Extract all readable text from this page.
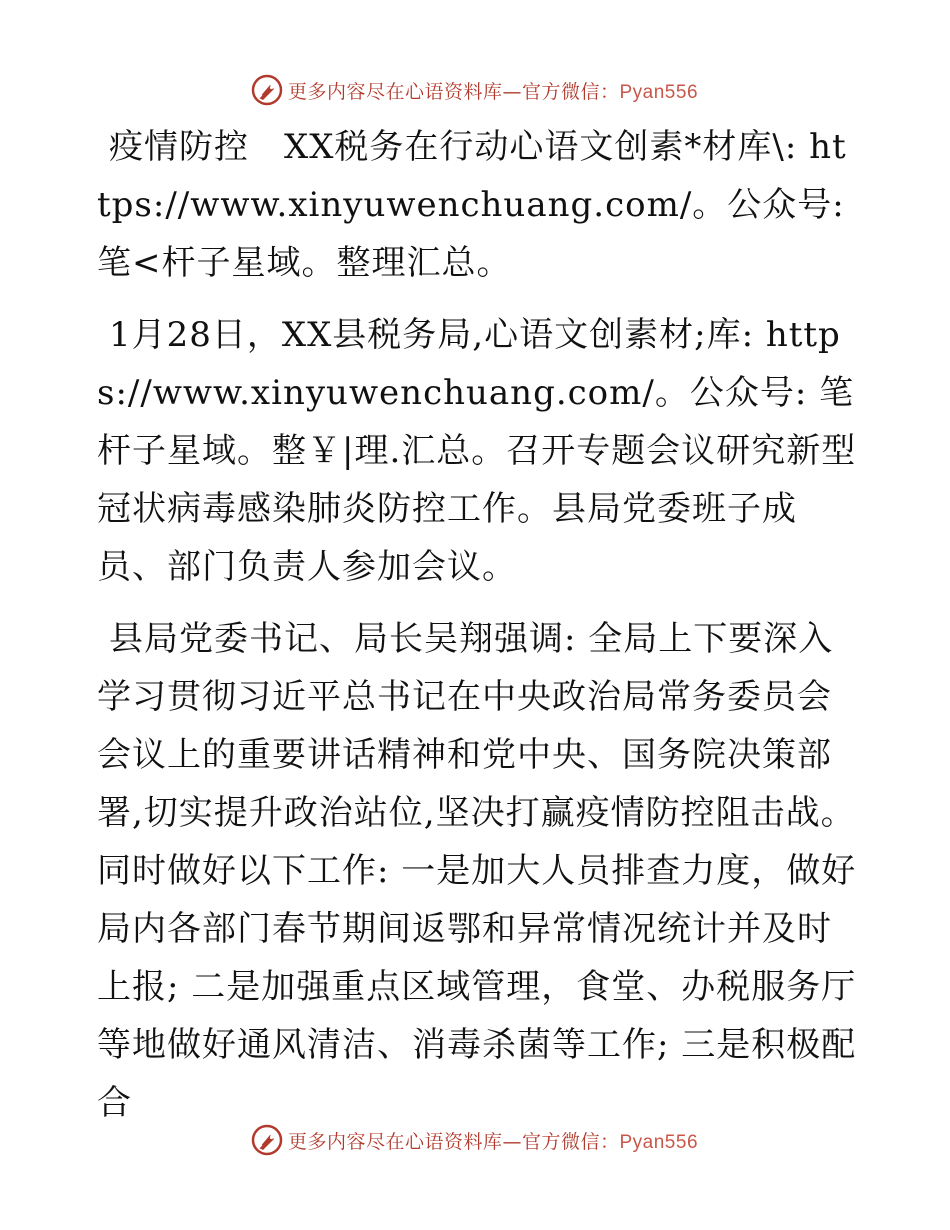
更多内容尽在心语资料库—官方微信：Pyan556

疫情防控　XX税务在行动心语文创素*材库\: https://www.xinyuwenchuang.com/。公众号: 笔<杆子星域。整理汇总。

1月28日，XX县税务局,心语文创素材;库: https://www.xinyuwenchuang.com/。公众号: 笔杆子星域。整￥|理.汇总。召开专题会议研究新型冠状病毒感染肺炎防控工作。县局党委班子成员、部门负责人参加会议。

县局党委书记、局长吴翔强调: 全局上下要深入学习贯彻习近平总书记在中央政治局常务委员会会议上的重要讲话精神和党中央、国务院决策部署,切实提升政治站位,坚决打赢疫情防控阻击战。同时做好以下工作: 一是加大人员排查力度，做好局内各部门春节期间返鄂和异常情况统计并及时上报; 二是加强重点区域管理，食堂、办税服务厅等地做好通风清洁、消毒杀菌等工作; 三是积极配合

更多内容尽在心语资料库—官方微信：Pyan556
